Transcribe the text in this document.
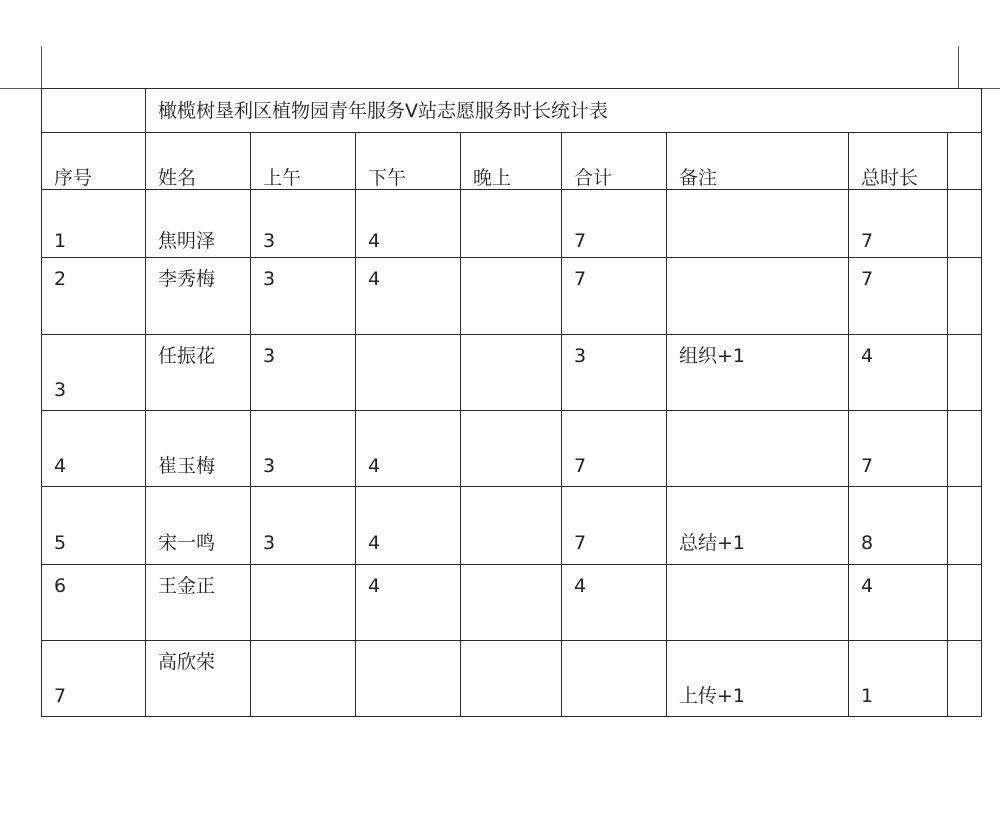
	橄榄树垦利区植物园青年服务V站志愿服务时长统计表							

序号	姓名	上午	下午	晚上	合计	备注	总时长	

1	焦明泽	3	4		7		7	

2	李秀梅	3	4		7		7	

3	任振花	3			3	组织+1	4	

4	崔玉梅	3	4		7		7	

5	宋一鸣	3	4		7	总结+1	8	

6	王金正		4		4		4	

7	高欣荣					上传+1	1	
